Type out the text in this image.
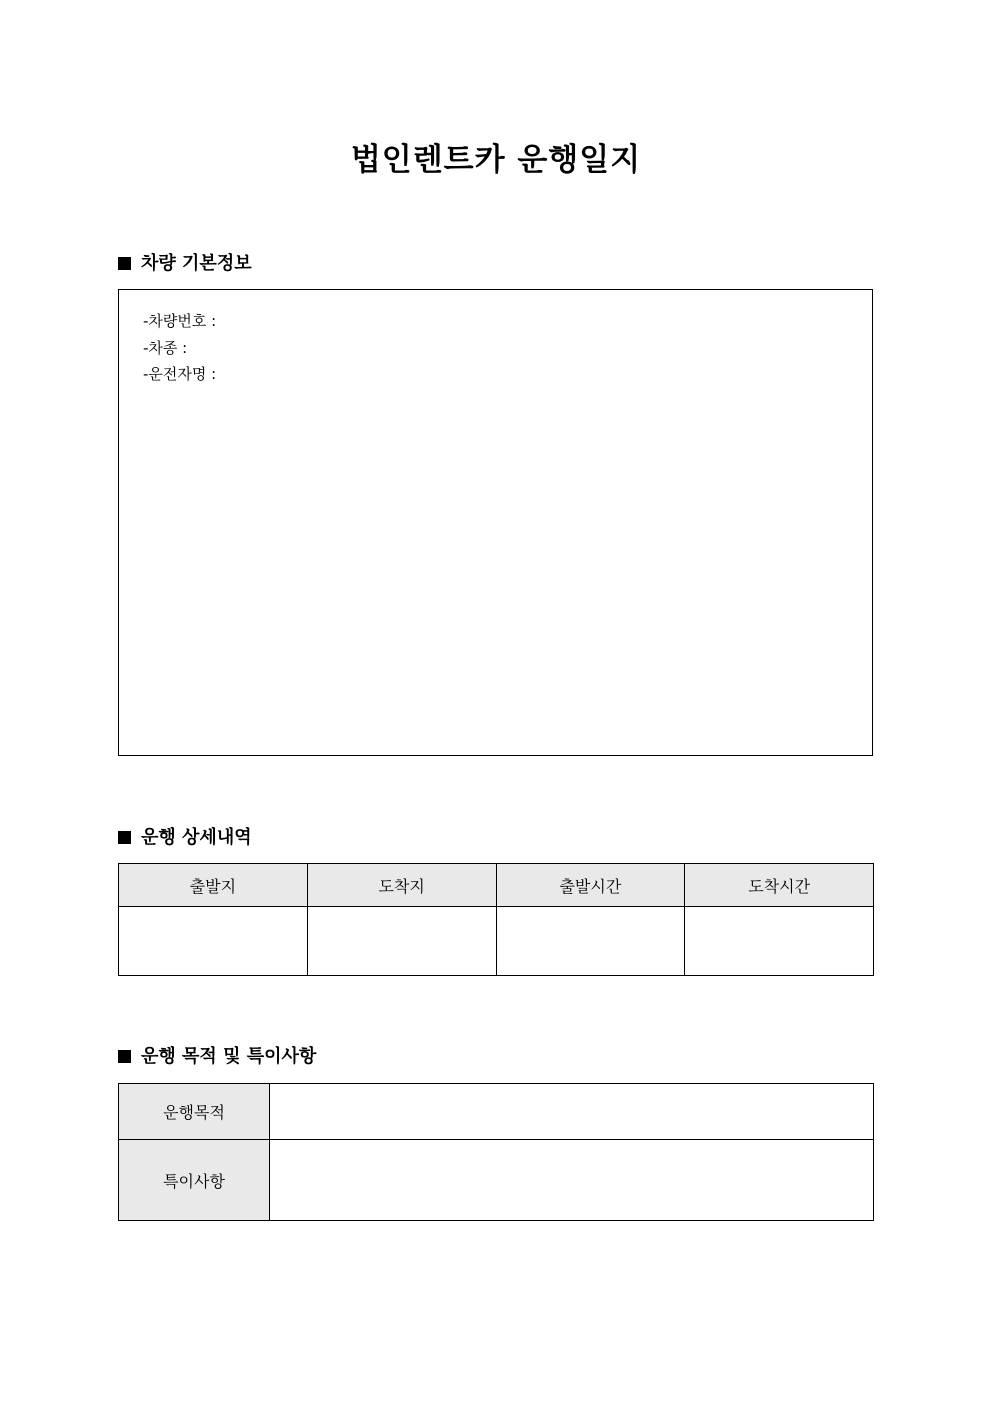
법인렌트카 운행일지
차량 기본정보
-차량번호 :
-차종 :
-운전자명 :
운행 상세내역
출발지	도착지	출발시간	도착시간

운행 목적 및 특이사항
운행목적	
특이사항	
